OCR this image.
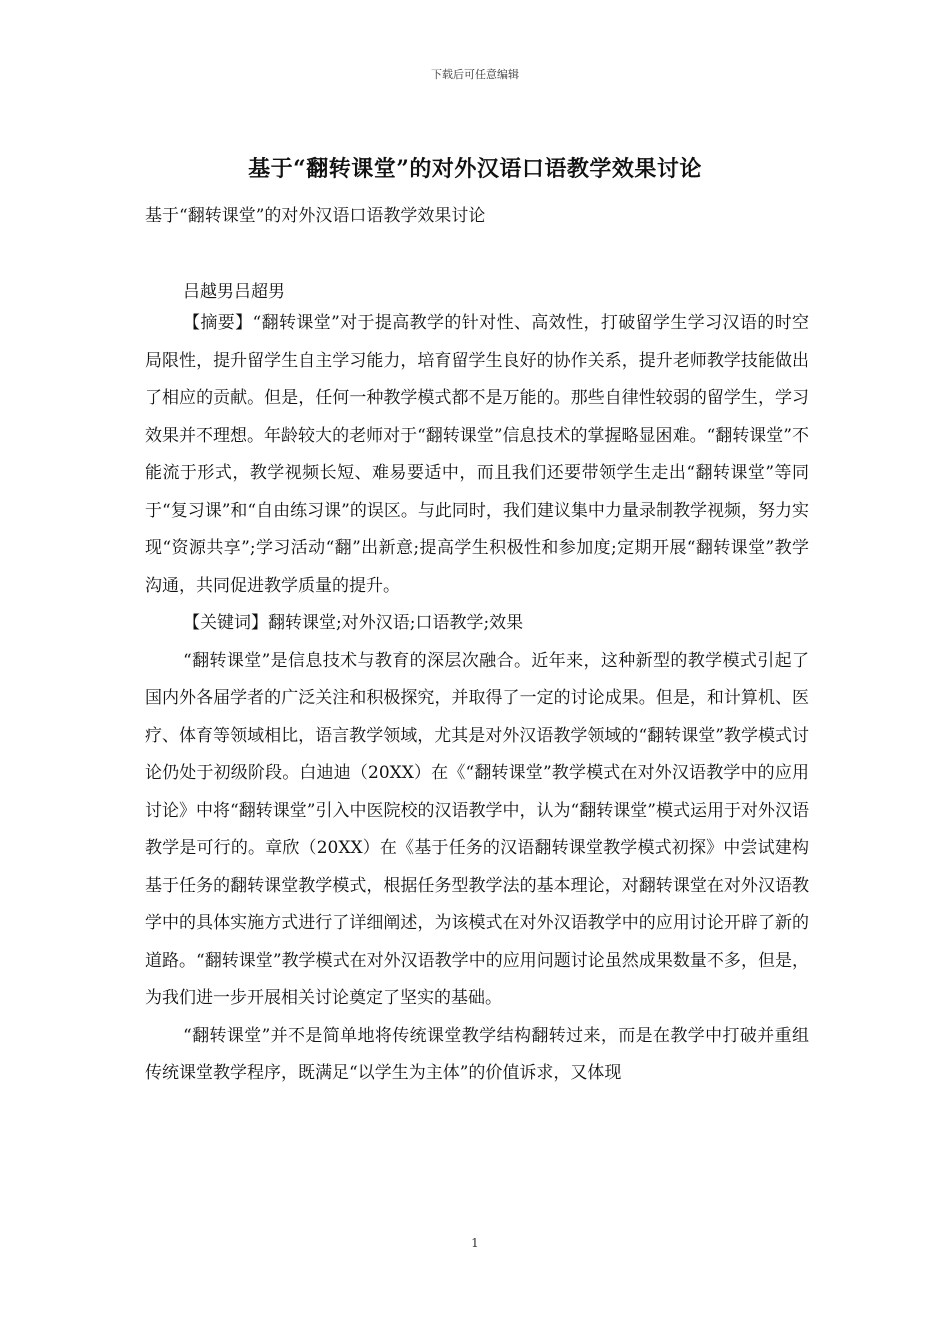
下载后可任意编辑
基于“翻转课堂”的对外汉语口语教学效果讨论
基于“翻转课堂”的对外汉语口语教学效果讨论
吕越男吕超男

【摘要】“翻转课堂”对于提高教学的针对性、高效性，打破留学生学习汉语的时空局限性，提升留学生自主学习能力，培育留学生良好的协作关系，提升老师教学技能做出了相应的贡献。但是，任何一种教学模式都不是万能的。那些自律性较弱的留学生，学习效果并不理想。年龄较大的老师对于“翻转课堂”信息技术的掌握略显困难。“翻转课堂”不能流于形式，教学视频长短、难易要适中，而且我们还要带领学生走出“翻转课堂”等同于“复习课”和“自由练习课”的误区。与此同时，我们建议集中力量录制教学视频，努力实现“资源共享”;学习活动“翻”出新意;提高学生积极性和参加度;定期开展“翻转课堂”教学沟通，共同促进教学质量的提升。

【关键词】翻转课堂;对外汉语;口语教学;效果

“翻转课堂”是信息技术与教育的深层次融合。近年来，这种新型的教学模式引起了国内外各届学者的广泛关注和积极探究，并取得了一定的讨论成果。但是，和计算机、医疗、体育等领域相比，语言教学领域，尤其是对外汉语教学领域的“翻转课堂”教学模式讨论仍处于初级阶段。白迪迪（20XX）在《“翻转课堂”教学模式在对外汉语教学中的应用讨论》中将“翻转课堂”引入中医院校的汉语教学中，认为“翻转课堂”模式运用于对外汉语教学是可行的。章欣（20XX）在《基于任务的汉语翻转课堂教学模式初探》中尝试建构基于任务的翻转课堂教学模式，根据任务型教学法的基本理论，对翻转课堂在对外汉语教学中的具体实施方式进行了详细阐述，为该模式在对外汉语教学中的应用讨论开辟了新的道路。“翻转课堂”教学模式在对外汉语教学中的应用问题讨论虽然成果数量不多，但是，为我们进一步开展相关讨论奠定了坚实的基础。

“翻转课堂”并不是简单地将传统课堂教学结构翻转过来，而是在教学中打破并重组传统课堂教学程序，既满足“以学生为主体”的价值诉求，又体现

1
